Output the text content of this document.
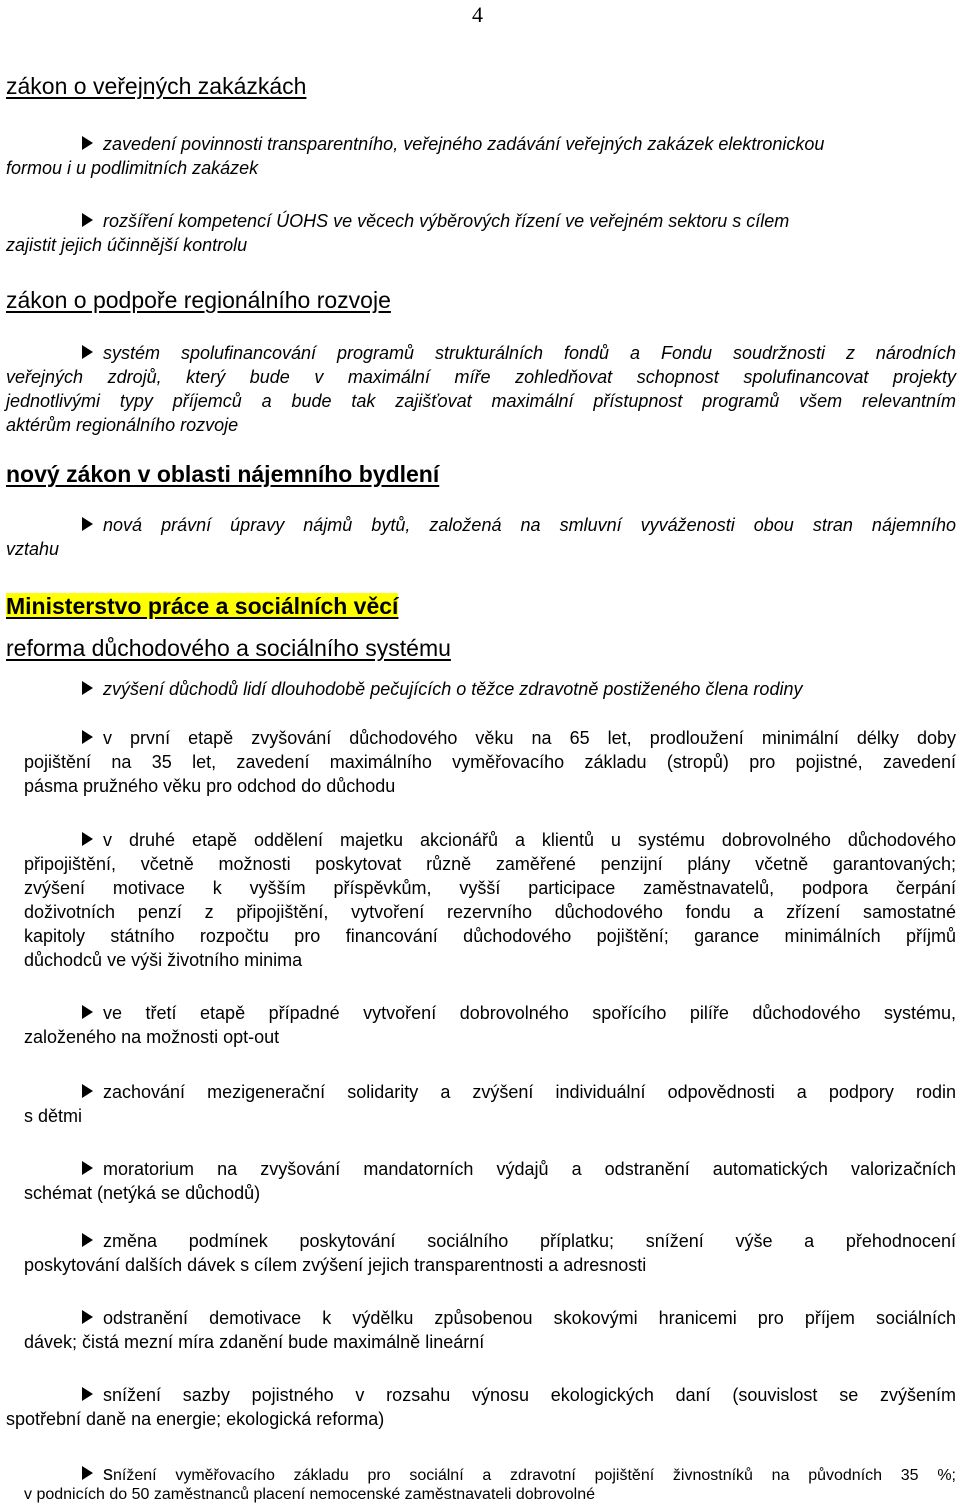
4
zákon o veřejných zakázkách
zavedení povinnosti transparentního, veřejného zadávání veřejných zakázek elektronickou
formou i u podlimitních zakázek
rozšíření kompetencí ÚOHS ve věcech výběrových řízení ve veřejném sektoru s cílem
zajistit jejich účinnější kontrolu
zákon o podpoře regionálního rozvoje
systém spolufinancování programů strukturálních fondů a Fondu soudržnosti z národních
veřejných zdrojů, který bude v maximální míře zohledňovat schopnost spolufinancovat projekty
jednotlivými typy příjemců a bude tak zajišťovat maximální přístupnost programů všem relevantním
aktérům regionálního rozvoje
nový zákon v oblasti nájemního bydlení
nová právní úpravy nájmů bytů, založená na smluvní vyváženosti obou stran nájemního
vztahu
Ministerstvo práce a sociálních věcí
reforma důchodového a sociálního systému
zvýšení důchodů lidí dlouhodobě pečujících o těžce zdravotně postiženého člena rodiny
v první etapě zvyšování důchodového věku na 65 let, prodloužení minimální délky doby
pojištění na 35 let, zavedení maximálního vyměřovacího základu (stropů) pro pojistné, zavedení
pásma pružného věku pro odchod do důchodu
v druhé etapě oddělení majetku akcionářů a klientů u systému dobrovolného důchodového
připojištění, včetně možnosti poskytovat různě zaměřené penzijní plány včetně garantovaných;
zvýšení motivace k vyšším příspěvkům, vyšší participace zaměstnavatelů, podpora čerpání
doživotních penzí z připojištění, vytvoření rezervního důchodového fondu a zřízení samostatné
kapitoly státního rozpočtu pro financování důchodového pojištění; garance minimálních příjmů
důchodců ve výši životního minima
ve třetí etapě případné vytvoření dobrovolného spořícího pilíře důchodového systému,
založeného na možnosti opt-out
zachování mezigenerační solidarity a zvýšení individuální odpovědnosti a podpory rodin
s dětmi
moratorium na zvyšování mandatorních výdajů a odstranění automatických valorizačních
schémat (netýká se důchodů)
změna podmínek poskytování sociálního příplatku; snížení výše a přehodnocení
poskytování dalších dávek s cílem zvýšení jejich transparentnosti a adresnosti
odstranění demotivace k výdělku způsobenou skokovými hranicemi pro příjem sociálních
dávek; čistá mezní míra zdanění bude maximálně lineární
snížení sazby pojistného v rozsahu výnosu ekologických daní (souvislost se zvýšením
spotřební daně na energie; ekologická reforma)
snížení vyměřovacího základu pro sociální a zdravotní pojištění živnostníků na původních 35 %;
v podnicích do 50 zaměstnanců placení nemocenské zaměstnavateli dobrovolné
